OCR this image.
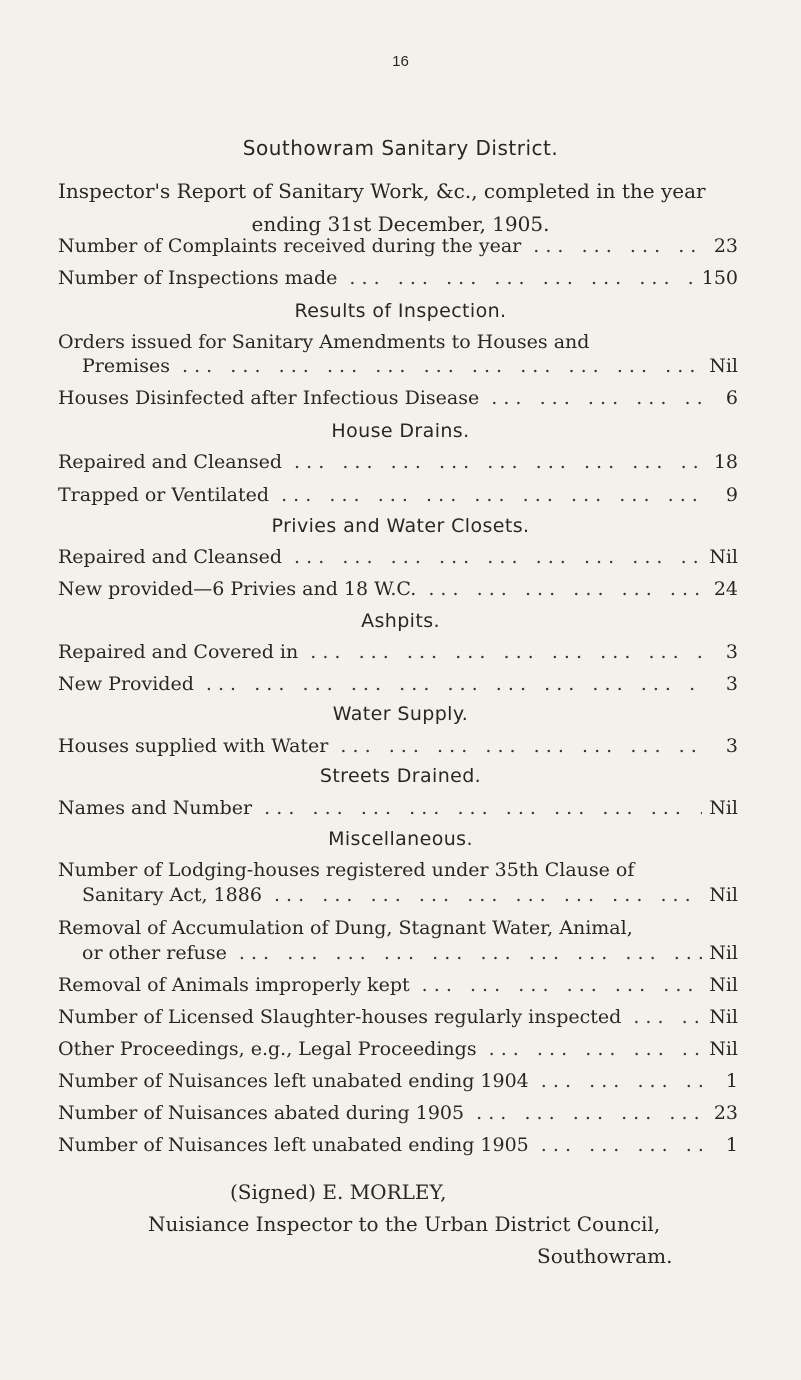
16
Southowram Sanitary District.
Inspector's Report of Sanitary Work, &c., completed in the year
ending 31st December, 1905.
Number of Complaints received during the year . . .	23
Number of Inspections made . . .	150
Results of Inspection.
Orders issued for Sanitary Amendments to Houses and
Premises . . .	Nil
Houses Disinfected after Infectious Disease . . .	6
House Drains.
Repaired and Cleansed . . .	18
Trapped or Ventilated . . .	9
Privies and Water Closets.
Repaired and Cleansed . . .	Nil
New provided—6 Privies and 18 W.C. . . .	24
Ashpits.
Repaired and Covered in . . .	3
New Provided . . .	3
Water Supply.
Houses supplied with Water . . .	3
Streets Drained.
Names and Number . . .	Nil
Miscellaneous.
Number of Lodging-houses registered under 35th Clause of
Sanitary Act, 1886 . . .	Nil
Removal of Accumulation of Dung, Stagnant Water, Animal,
or other refuse . . .	Nil
Removal of Animals improperly kept . . .	Nil
Number of Licensed Slaughter-houses regularly inspected . . .	Nil
Other Proceedings, e.g., Legal Proceedings . . .	Nil
Number of Nuisances left unabated ending 1904 . . .	1
Number of Nuisances abated during 1905 . . .	23
Number of Nuisances left unabated ending 1905 . . .	1
(Signed) E. MORLEY,
Nuisiance Inspector to the Urban District Council,
Southowram.
